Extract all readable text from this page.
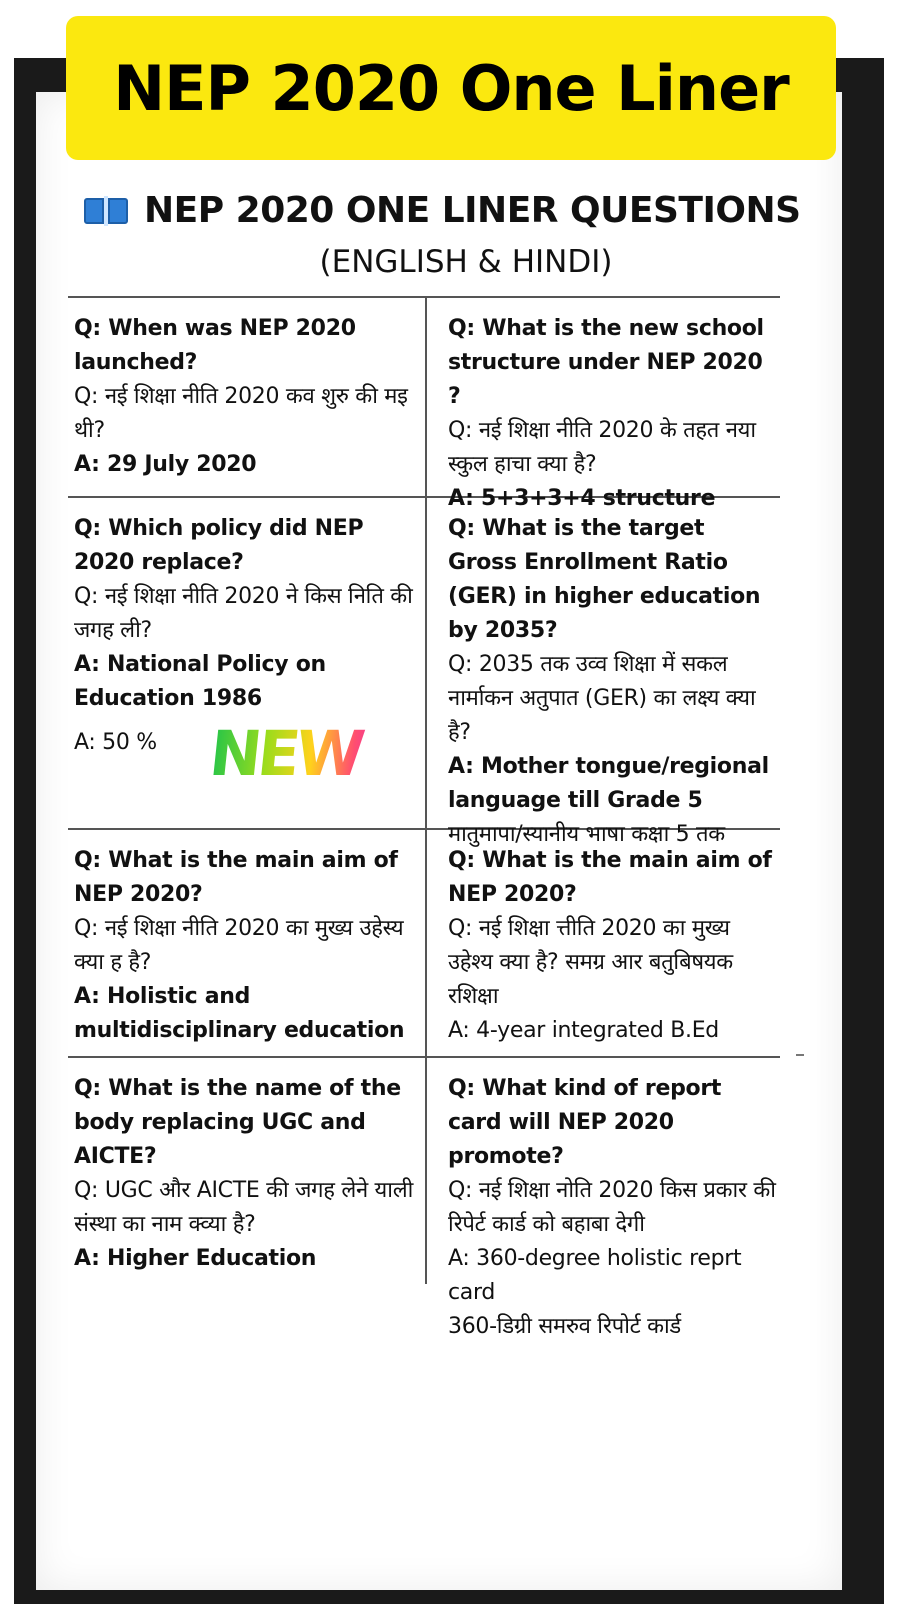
NEP 2020 One Liner
NEP 2020 ONE LINER QUESTIONS
(ENGLISH & HINDI)
Q: When was NEP 2020 launched?
Q: नई शिक्षा नीति 2020 कव शुरु की मइ थी?
A: 29 July 2020
Q: What is the new school structure under NEP 2020 ?
Q: नई शिक्षा नीति 2020 के तहत नया स्कुल हाचा क्या है?
A: 5+3+3+4 structure
Q: Which policy did NEP 2020 replace?
Q: नई शिक्षा नीति 2020 ने किस निति की जगह ली?
A: National Policy on Education 1986
A: 50 % NEW
Q: What is the target Gross Enrollment Ratio (GER) in higher education by 2035?
Q: 2035 तक उव्व शिक्षा में सकल नार्माकन अतुपात (GER) का लक्ष्य क्या है?
A: Mother tongue/regional language till Grade 5
मातुमापा/स्यानीय भाषा कक्षा 5 तक
Q: What is the main aim of NEP 2020?
Q: नई शिक्षा नीति 2020 का मुख्य उहेस्य क्या ह है?
A: Holistic and multidisciplinary education
Q: What is the main aim of NEP 2020?
Q: नई शिक्षा त्तीति 2020 का मुख्य उहेश्य क्या है? समग्र आर बतुबिषयक रशिक्षा
A: 4-year integrated B.Ed
Q: What is the name of the body replacing UGC and AICTE?
Q: UGC और AICTE की जगह लेने याली संस्था का नाम क्व्या है?
A: Higher Education
Q: What kind of report card will NEP 2020 promote?
Q: नई शिक्षा नोति 2020 किस प्रकार की रिपेर्ट कार्ड को बहाबा देगी
A: 360-degree holistic reprt card
360-डिग्री समरुव रिपोर्ट कार्ड
